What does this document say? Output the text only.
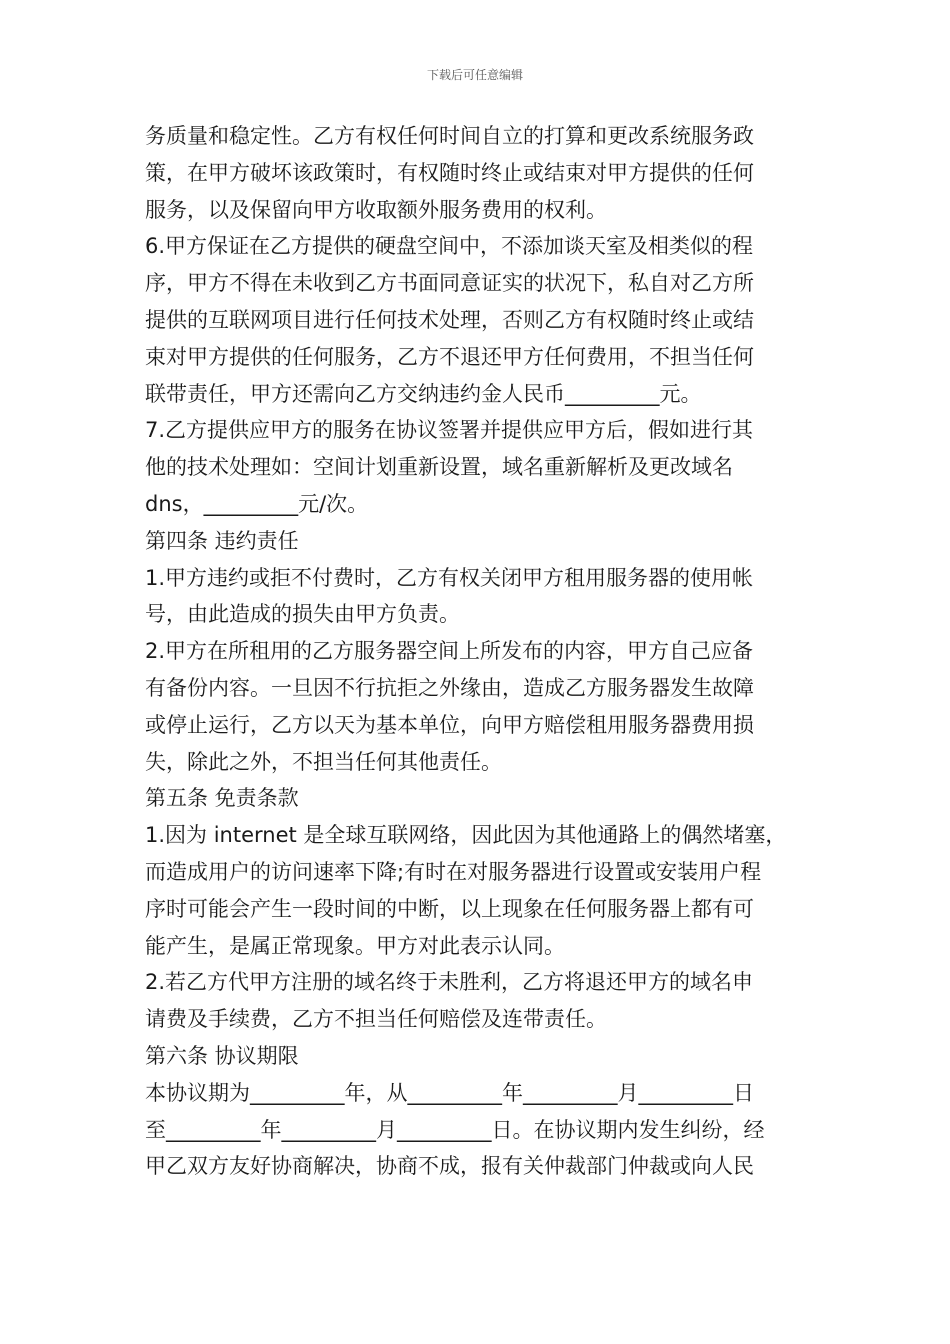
下载后可任意编辑
务质量和稳定性。乙方有权任何时间自立的打算和更改系统服务政
策，在甲方破坏该政策时，有权随时终止或结束对甲方提供的任何
服务，以及保留向甲方收取额外服务费用的权利。
6.甲方保证在乙方提供的硬盘空间中，不添加谈天室及相类似的程
序，甲方不得在未收到乙方书面同意证实的状况下，私自对乙方所
提供的互联网项目进行任何技术处理，否则乙方有权随时终止或结
束对甲方提供的任何服务，乙方不退还甲方任何费用，不担当任何
联带责任，甲方还需向乙方交纳违约金人民币_________元。
7.乙方提供应甲方的服务在协议签署并提供应甲方后，假如进行其
他的技术处理如：空间计划重新设置，域名重新解析及更改域名
dns，_________元/次。
第四条 违约责任
1.甲方违约或拒不付费时，乙方有权关闭甲方租用服务器的使用帐
号，由此造成的损失由甲方负责。
2.甲方在所租用的乙方服务器空间上所发布的内容，甲方自己应备
有备份内容。一旦因不行抗拒之外缘由，造成乙方服务器发生故障
或停止运行，乙方以天为基本单位，向甲方赔偿租用服务器费用损
失，除此之外，不担当任何其他责任。
第五条 免责条款
1.因为 internet 是全球互联网络，因此因为其他通路上的偶然堵塞，
而造成用户的访问速率下降;有时在对服务器进行设置或安装用户程
序时可能会产生一段时间的中断，以上现象在任何服务器上都有可
能产生，是属正常现象。甲方对此表示认同。
2.若乙方代甲方注册的域名终于未胜利，乙方将退还甲方的域名申
请费及手续费，乙方不担当任何赔偿及连带责任。
第六条 协议期限
本协议期为_________年，从_________年_________月_________日
至_________年_________月_________日。在协议期内发生纠纷，经
甲乙双方友好协商解决，协商不成，报有关仲裁部门仲裁或向人民
